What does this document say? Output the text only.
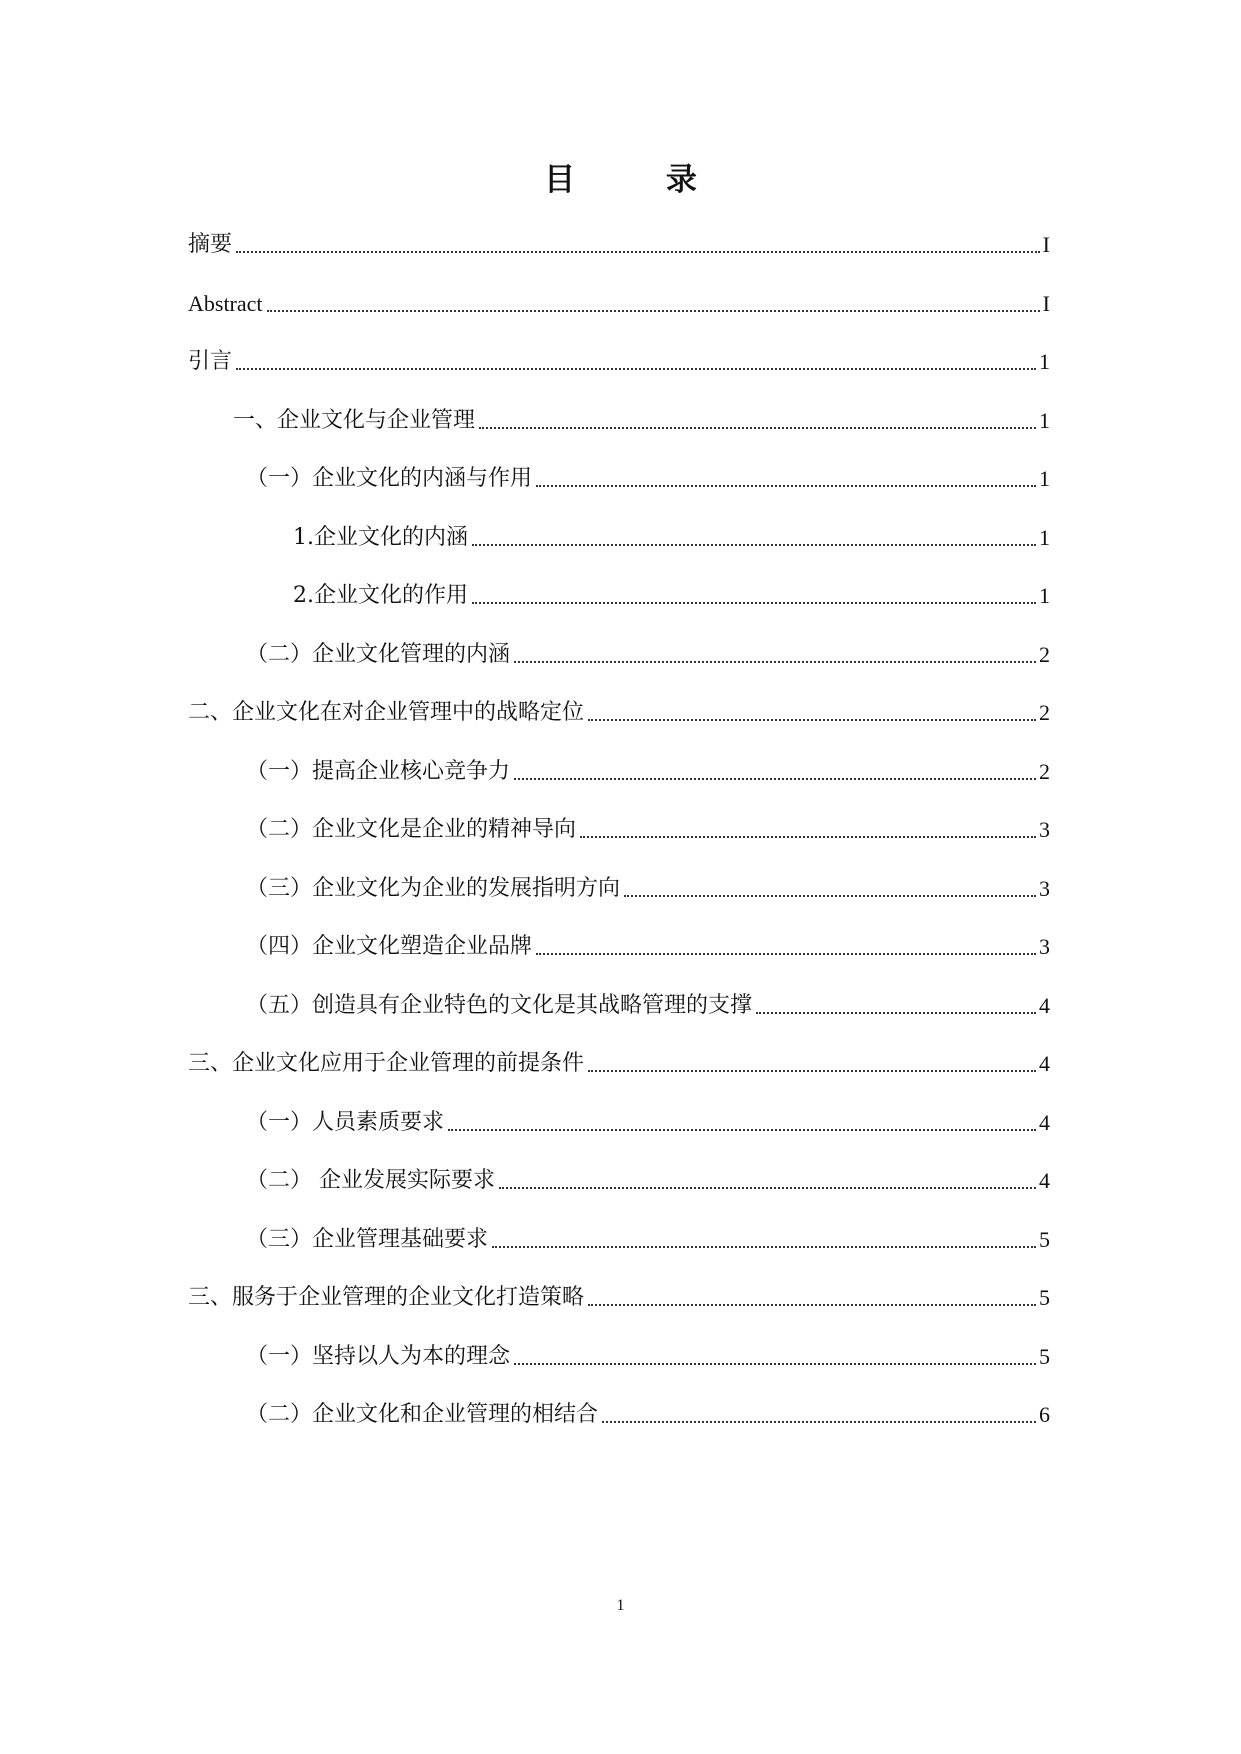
目 录
摘要	I
Abstract	I
引言	1
一、企业文化与企业管理	1
（一）企业文化的内涵与作用	1
1.企业文化的内涵	1
2.企业文化的作用	1
（二）企业文化管理的内涵	2
二、企业文化在对企业管理中的战略定位	2
（一）提高企业核心竞争力	2
（二）企业文化是企业的精神导向	3
（三）企业文化为企业的发展指明方向	3
（四）企业文化塑造企业品牌	3
（五）创造具有企业特色的文化是其战略管理的支撑	4
三、企业文化应用于企业管理的前提条件	4
（一）人员素质要求	4
（二） 企业发展实际要求	4
（三）企业管理基础要求	5
三、服务于企业管理的企业文化打造策略	5
（一）坚持以人为本的理念	5
（二）企业文化和企业管理的相结合	6
1
